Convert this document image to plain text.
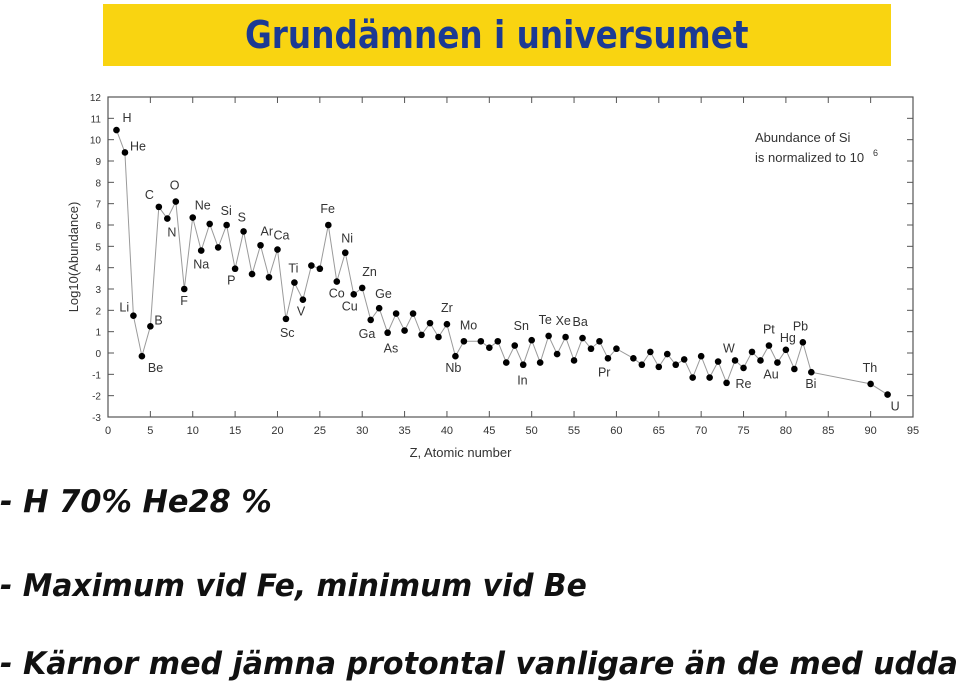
Grundämnen i universumet
0	5	10	15	20	25	30	35	40	45	50	55	60	65	70	75	80	85	90	95
12
11
10
9
8
7
6
5
4
3
2
1
0
-1
-2
-3
Z, Atomic number
Log10(Abundance)
Abundance of Si
is normalized to 10 6
H
He
Li
Be
B
C
N
O
F
Ne
Na
Si
P
S
Ar
Sc
Ti
V
Ca
Fe
Co
Ni
Cu
Zn
Ga
Ge
As
Zr
Nb
Mo	Sn
In
Te Xe Ba
Pr
W
Re
Pt
Au
Hg
Pb
Bi
Th
U
- H 70% He28 %
- Maximum vid Fe, minimum vid Be
- Kärnor med jämna protontal vanligare än de med udda
